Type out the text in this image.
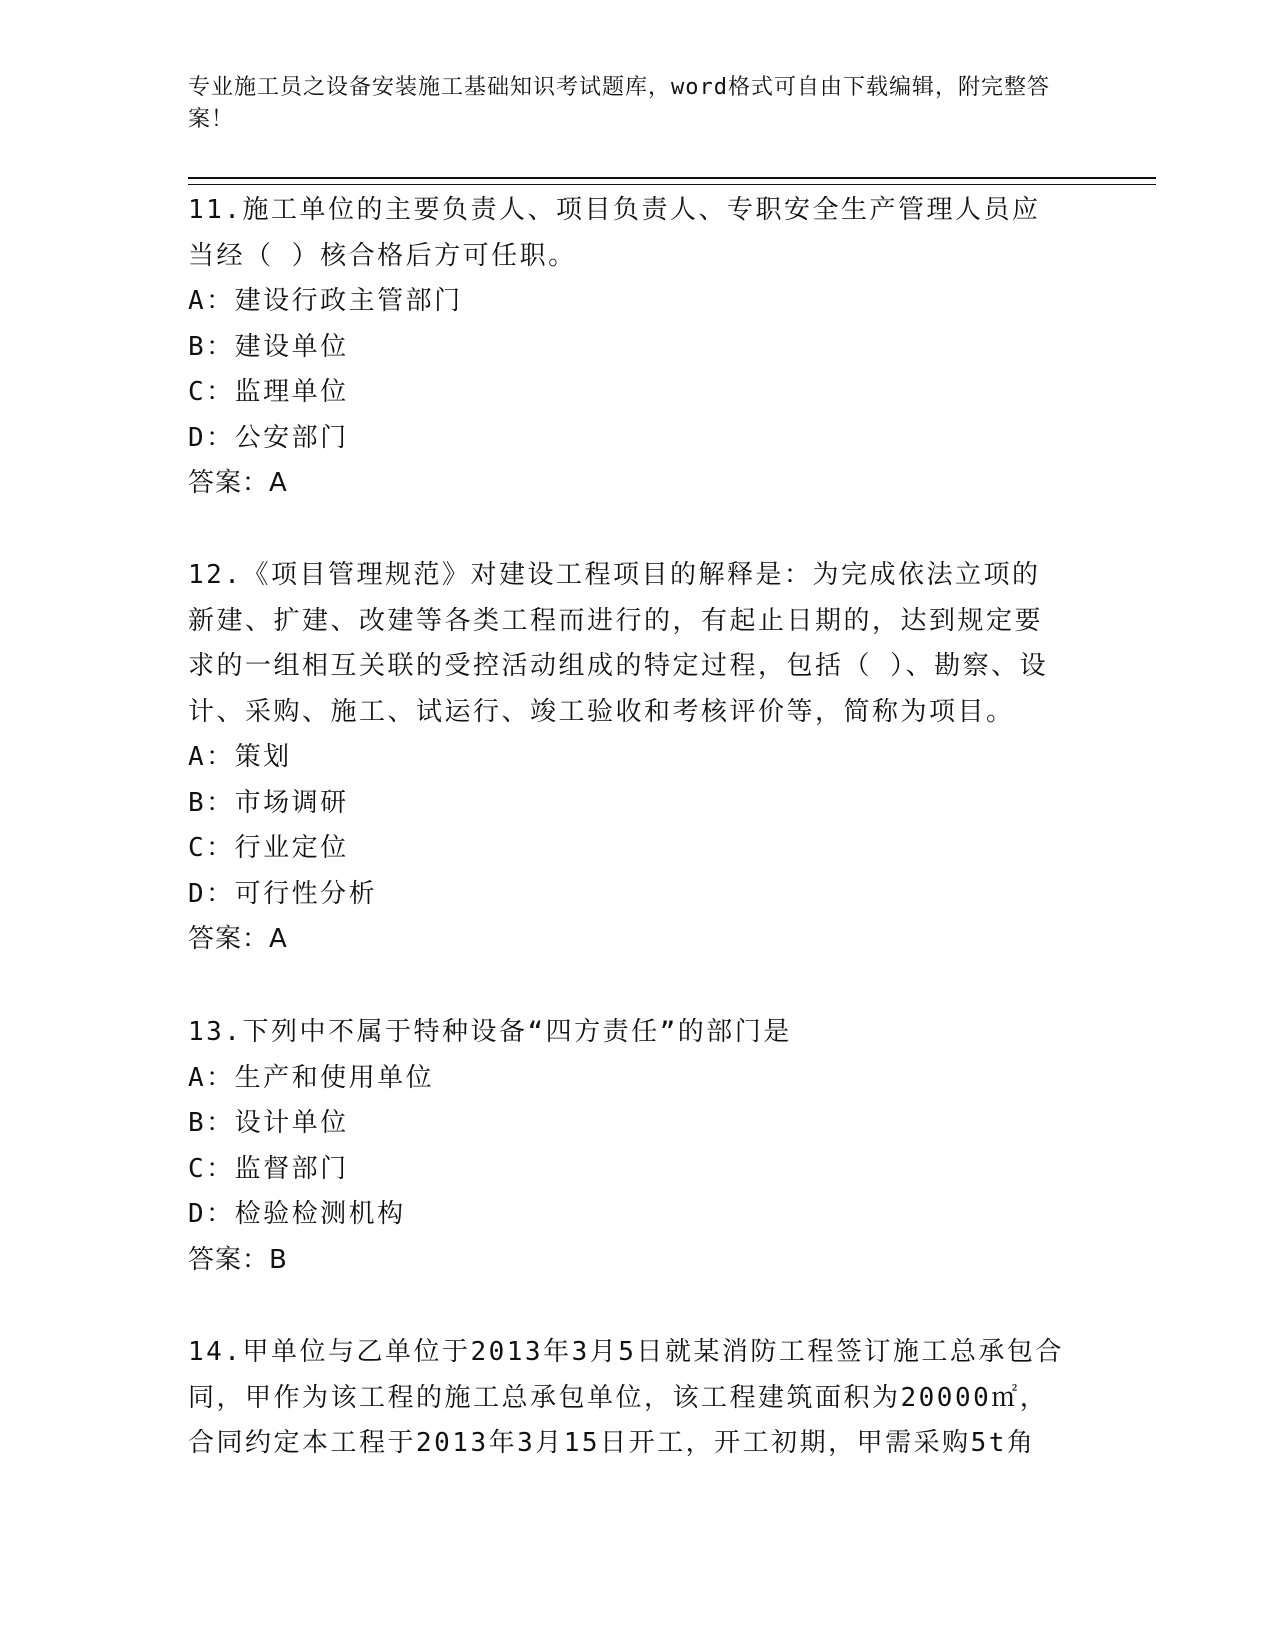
专业施工员之设备安装施工基础知识考试题库，word格式可自由下载编辑，附完整答案！

11.施工单位的主要负责人、项目负责人、专职安全生产管理人员应当经（ ）核合格后方可任职。

A：建设行政主管部门
B：建设单位
C：监理单位
D：公安部门
答案：A

12.《项目管理规范》对建设工程项目的解释是：为完成依法立项的新建、扩建、改建等各类工程而进行的，有起止日期的，达到规定要求的一组相互关联的受控活动组成的特定过程，包括（ ）、勘察、设计、采购、施工、试运行、竣工验收和考核评价等，简称为项目。

A：策划
B：市场调研
C：行业定位
D：可行性分析
答案：A

13.下列中不属于特种设备“四方责任”的部门是

A：生产和使用单位
B：设计单位
C：监督部门
D：检验检测机构
答案：B

14.甲单位与乙单位于2013年3月5日就某消防工程签订施工总承包合同，甲作为该工程的施工总承包单位，该工程建筑面积为20000㎡，合同约定本工程于2013年3月15日开工，开工初期，甲需采购5t角
